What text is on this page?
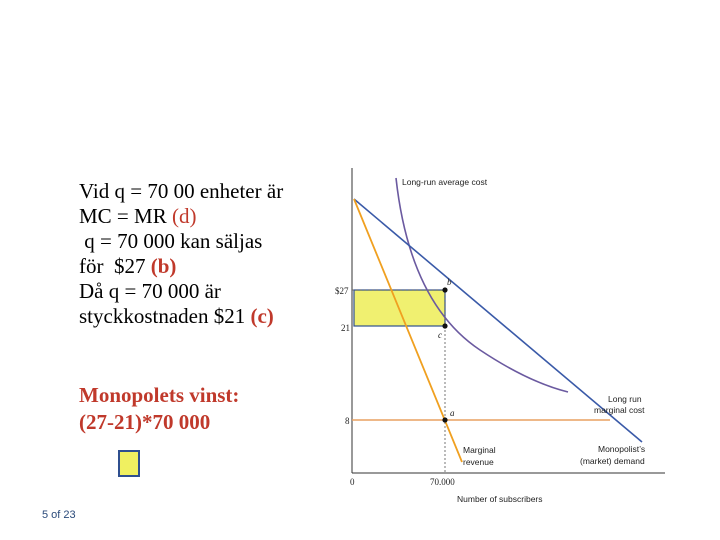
Vid q = 70 00 enheter är
MC = MR (d)
q = 70 000 kan säljas
för  $27 (b)
Då q = 70 000 är
styckkostnaden $21 (c)
Monopolets vinst:
(27-21)*70 000
5 of 23
b
c
a
$27
21
8
0	70.000
Number of subscribers
Long-run average cost
Long run
marginal cost
Monopolist’s
(market) demand
Marginal
revenue
